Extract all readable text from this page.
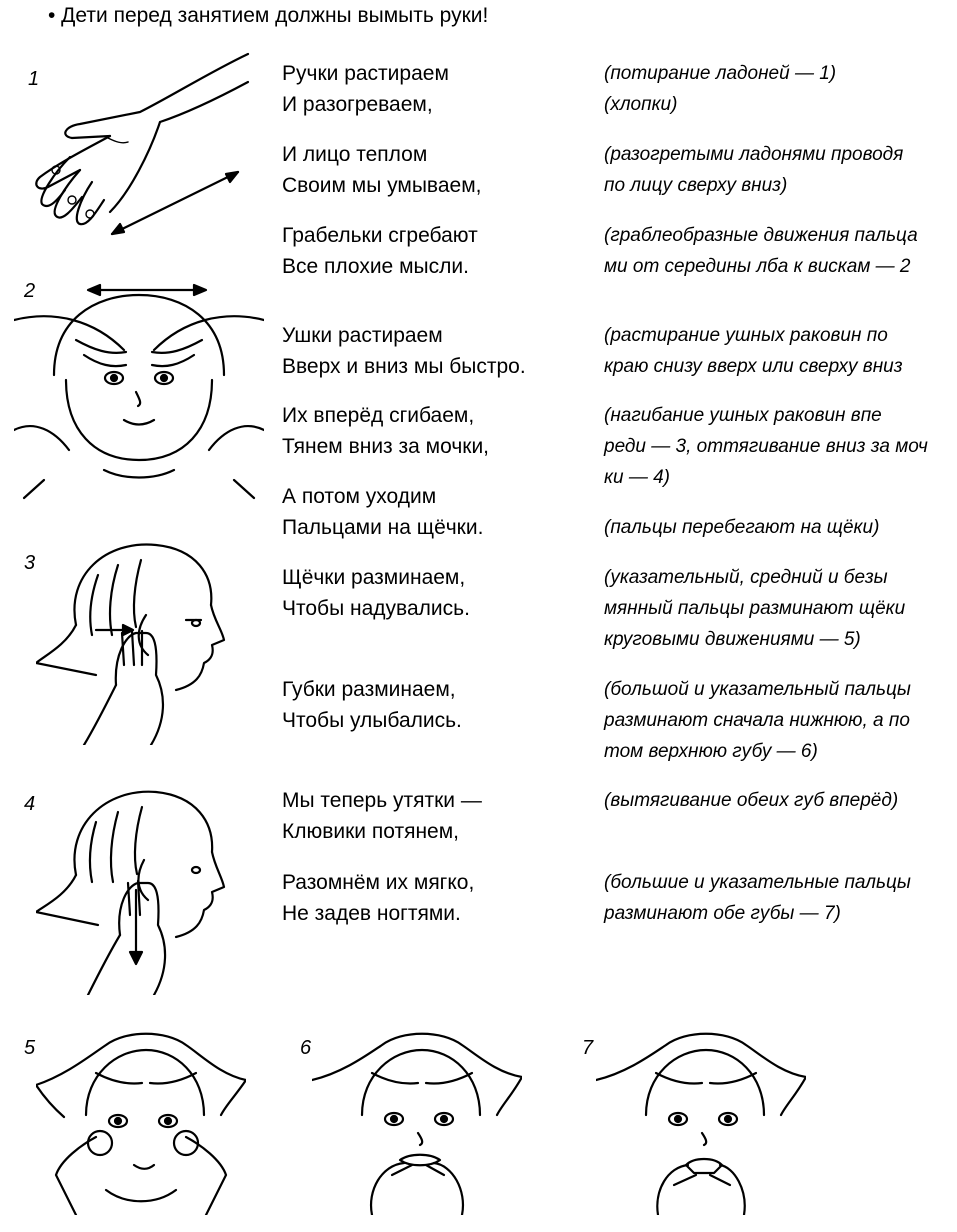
• Дети перед занятием должны вымыть руки!
1
2
3
4
5	6	7
Ручки растираем
И разогреваем,
И лицо теплом
Своим мы умываем,
Грабельки сгребают
Все плохие мысли.
Ушки растираем
Вверх и вниз мы быстро.
Их вперёд сгибаем,
Тянем вниз за мочки,
А потом уходим
Пальцами на щёчки.
Щёчки разминаем,
Чтобы надувались.
Губки разминаем,
Чтобы улыбались.
Мы теперь утятки —
Клювики потянем,
Разомнём их мягко,
Не задев ногтями.
(потирание ладоней — 1)
(хлопки)
(разогретыми ладонями проводя
по лицу сверху вниз)
(граблеобразные движения пальца
ми от середины лба к вискам — 2
(растирание ушных раковин по
краю снизу вверх или сверху вниз
(нагибание ушных раковин впе
реди — 3, оттягивание вниз за моч
ки — 4)
(пальцы перебегают на щёки)
(указательный, средний и безы
мянный пальцы разминают щёки
круговыми движениями — 5)
(большой и указательный пальцы
разминают сначала нижнюю, а по
том верхнюю губу — 6)
(вытягивание обеих губ вперёд)
(большие и указательные пальцы
разминают обе губы — 7)
